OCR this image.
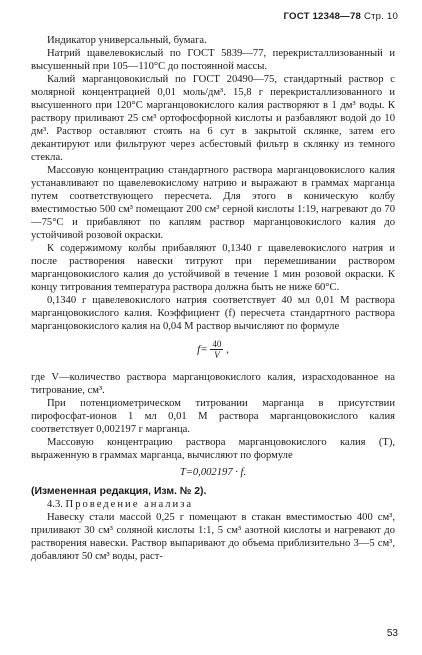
ГОСТ 12348—78 Стр. 10

Индикатор универсальный, бумага.

Натрий щавелевокислый по ГОСТ 5839—77, перекристаллизованный и высушенный при 105—110°С до постоянной массы.

Калий марганцовокислый по ГОСТ 20490—75, стандартный раствор с молярной концентрацией 0,01 моль/дм³. 15,8 г перекристаллизованного и высушенного при 120°С марганцовокислого калия растворяют в 1 дм³ воды. К раствору приливают 25 см³ ортофосфорной кислоты и разбавляют водой до 10 дм³. Раствор оставляют стоять на 6 сут в закрытой склянке, затем его декантируют или фильтруют через асбестовый фильтр в склянку из темного стекла.

Массовую концентрацию стандартного раствора марганцовокислого калия устанавливают по щавелевокислому натрию и выражают в граммах марганца путем соответствующего пересчета. Для этого в коническую колбу вместимостью 500 см³ помещают 200 см³ серной кислоты 1:19, нагревают до 70—75°С и прибавляют по каплям раствор марганцовокислого калия до устойчивой розовой окраски.

К содержимому колбы прибавляют 0,1340 г щавелевокислого натрия и после растворения навески титруют при перемешивании раствором марганцовокислого калия до устойчивой в течение 1 мин розовой окраски. К концу титрования температура раствора должна быть не ниже 60°С.

0,1340 г щавелевокислого натрия соответствует 40 мл 0,01 М раствора марганцовокислого калия. Коэффициент (f) пересчета стандартного раствора марганцовокислого калия на 0,04 М раствор вычисляют по формуле

$f= \frac{40}{V}$ ,

где V—количество раствора марганцовокислого калия, израсходованное на титрование, см³.

При потенциометрическом титровании марганца в присутствии пирофосфат-ионов 1 мл 0,01 М раствора марганцовокислого калия соответствует 0,002197 г марганца.

Массовую концентрацию раствора марганцовокислого калия (Т), выраженную в граммах марганца, вычисляют по формуле

T=0,002197 · f.

(Измененная редакция, Изм. № 2).

4.3. Проведение анализа

Навеску стали массой 0,25 г помещают в стакан вместимостью 400 см³, приливают 30 см³ соляной кислоты 1:1, 5 см³ азотной кислоты и нагревают до растворения навески. Раствор выпаривают до объема приблизительно 3—5 см³, добавляют 50 см³ воды, раст-

53
